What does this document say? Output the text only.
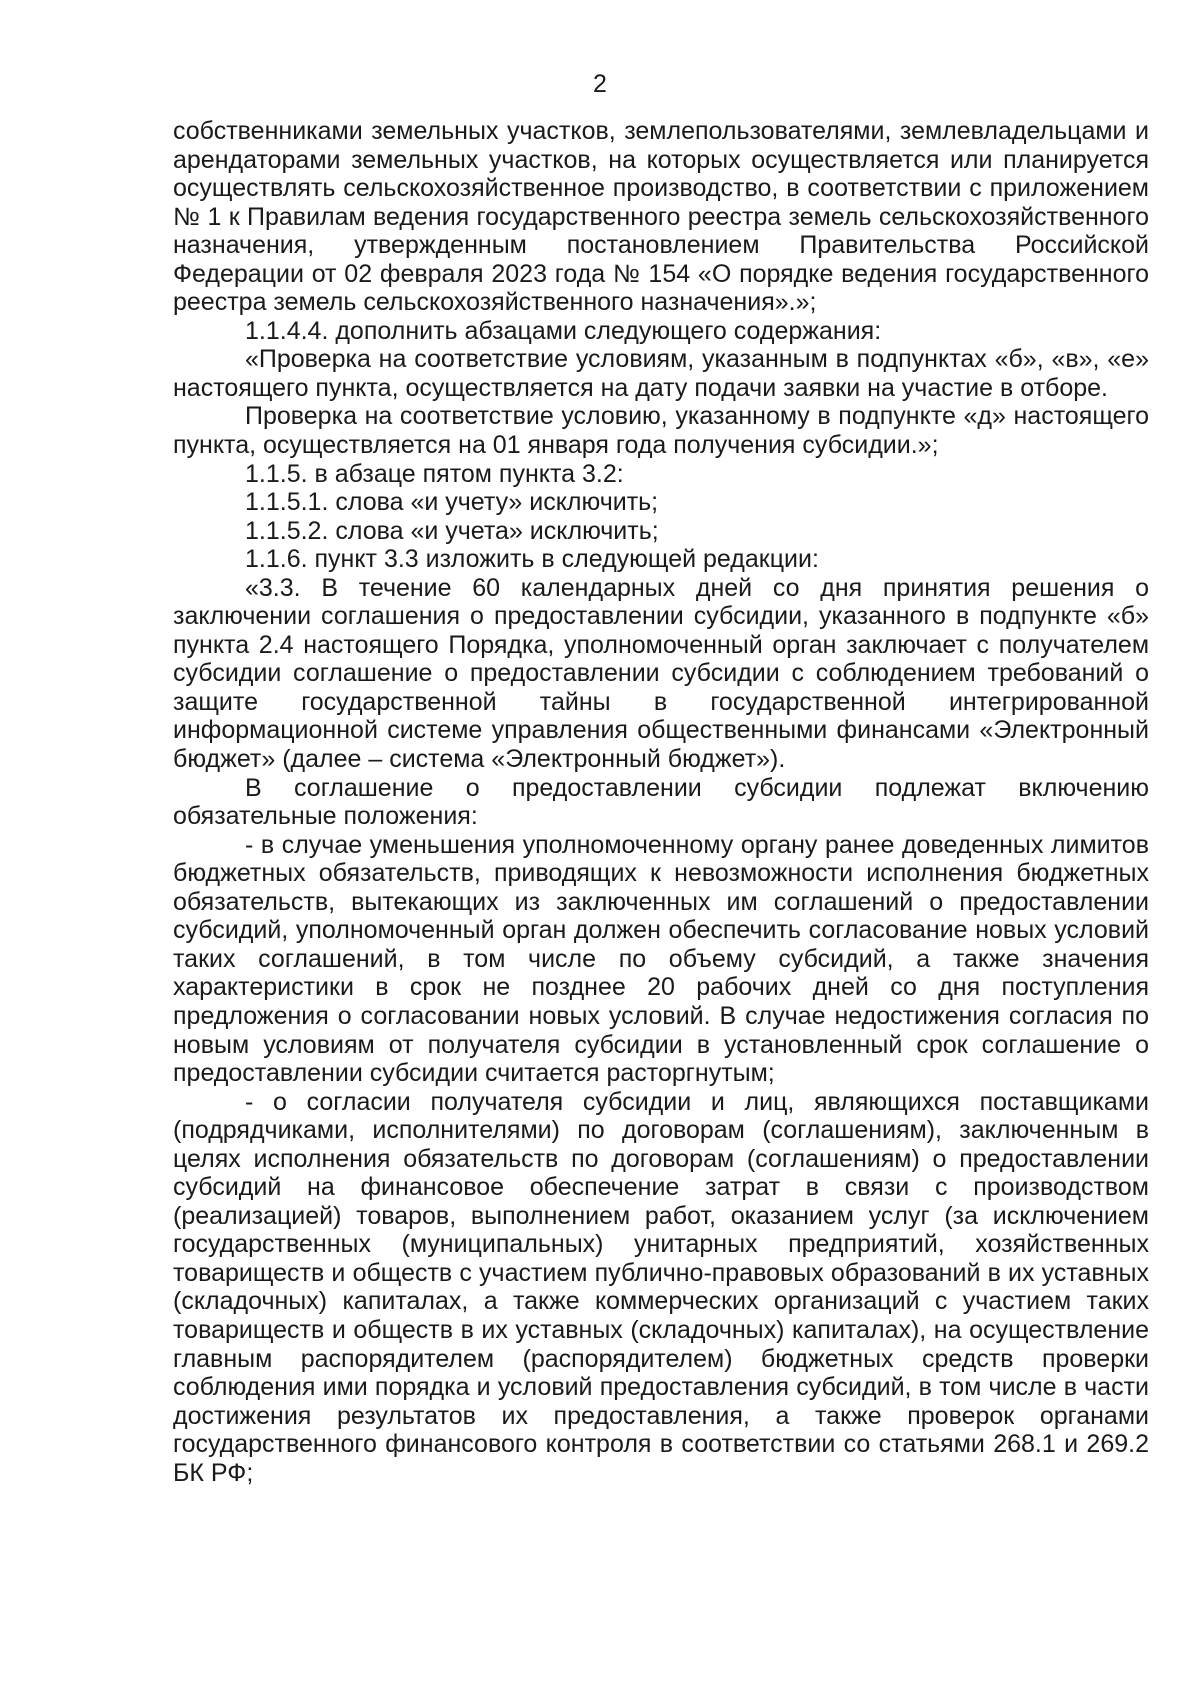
2

собственниками земельных участков, землепользователями, землевладельцами и арендаторами земельных участков, на которых осуществляется или планируется осуществлять сельскохозяйственное производство, в соответствии с приложением № 1 к Правилам ведения государственного реестра земель сельскохозяйственного назначения, утвержденным постановлением Правительства Российской Федерации от 02 февраля 2023 года № 154 «О порядке ведения государственного реестра земель сельскохозяйственного назначения».»;

1.1.4.4. дополнить абзацами следующего содержания:

«Проверка на соответствие условиям, указанным в подпунктах «б», «в», «е» настоящего пункта, осуществляется на дату подачи заявки на участие в отборе.

Проверка на соответствие условию, указанному в подпункте «д» настоящего пункта, осуществляется на 01 января года получения субсидии.»;

1.1.5. в абзаце пятом пункта 3.2:

1.1.5.1. слова «и учету» исключить;

1.1.5.2. слова «и учета» исключить;

1.1.6. пункт 3.3 изложить в следующей редакции:

«3.3. В течение 60 календарных дней со дня принятия решения о заключении соглашения о предоставлении субсидии, указанного в подпункте «б» пункта 2.4 настоящего Порядка, уполномоченный орган заключает с получателем субсидии соглашение о предоставлении субсидии с соблюдением требований о защите государственной тайны в государственной интегрированной информационной системе управления общественными финансами «Электронный бюджет» (далее – система «Электронный бюджет»).

В соглашение о предоставлении субсидии подлежат включению обязательные положения:

- в случае уменьшения уполномоченному органу ранее доведенных лимитов бюджетных обязательств, приводящих к невозможности исполнения бюджетных обязательств, вытекающих из заключенных им соглашений о предоставлении субсидий, уполномоченный орган должен обеспечить согласование новых условий таких соглашений, в том числе по объему субсидий, а также значения характеристики в срок не позднее 20 рабочих дней со дня поступления предложения о согласовании новых условий. В случае недостижения согласия по новым условиям от получателя субсидии в установленный срок соглашение о предоставлении субсидии считается расторгнутым;

- о согласии получателя субсидии и лиц, являющихся поставщиками (подрядчиками, исполнителями) по договорам (соглашениям), заключенным в целях исполнения обязательств по договорам (соглашениям) о предоставлении субсидий на финансовое обеспечение затрат в связи с производством (реализацией) товаров, выполнением работ, оказанием услуг (за исключением государственных (муниципальных) унитарных предприятий, хозяйственных товариществ и обществ с участием публично-правовых образований в их уставных (складочных) капиталах, а также коммерческих организаций с участием таких товариществ и обществ в их уставных (складочных) капиталах), на осуществление главным распорядителем (распорядителем) бюджетных средств проверки соблюдения ими порядка и условий предоставления субсидий, в том числе в части достижения результатов их предоставления, а также проверок органами государственного финансового контроля в соответствии со статьями 268.1 и 269.2 БК РФ;
